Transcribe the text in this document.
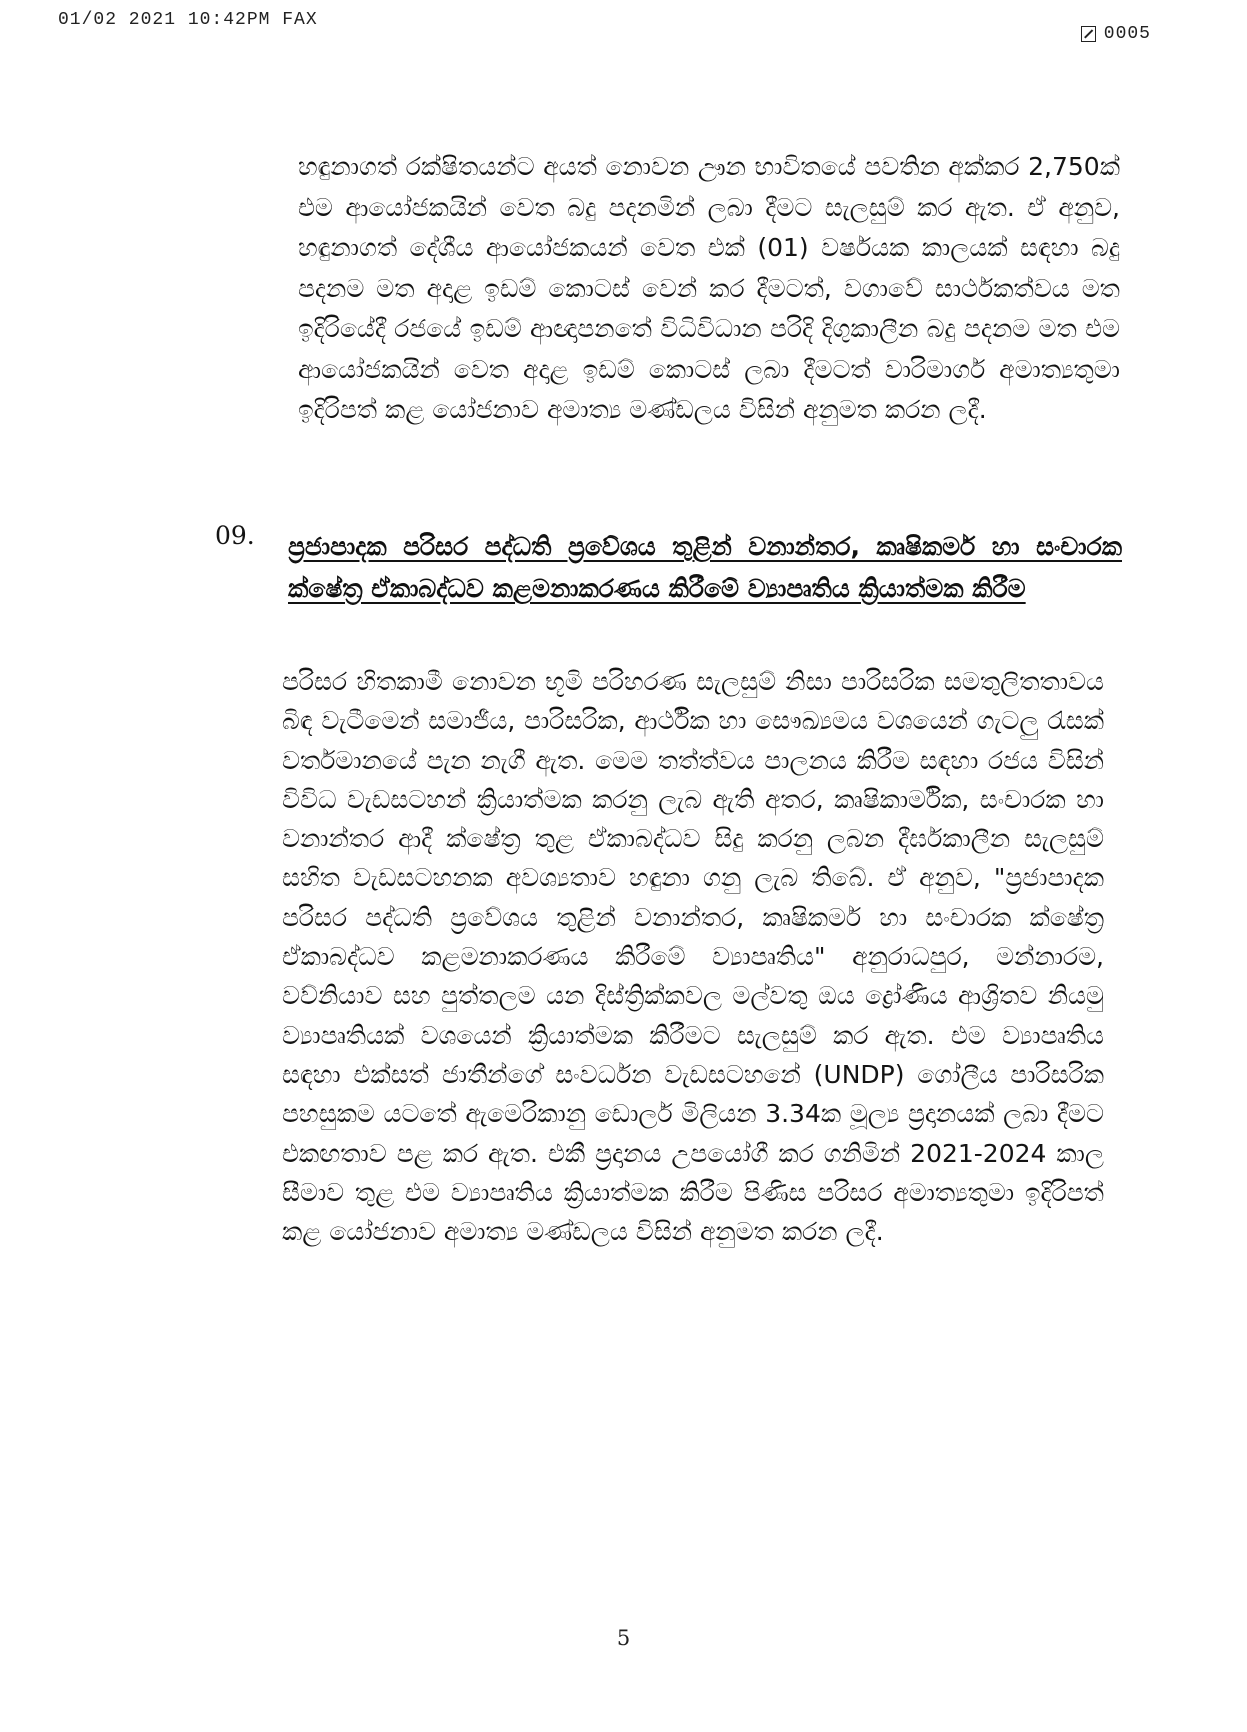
01/02 2021 10:42PM FAX
0005
හඳුනාගත් රක්ෂිතයන්ට අයත් නොවන ඌන භාවිතයේ පවතින අක්කර 2,750ක් එම ආයෝජකයින් වෙත බදු පදනමින් ලබා දීමට සැලසුම් කර ඇත. ඒ අනුව, හඳුනාගත් දේශීය ආයෝජකයන් වෙත එක් (01) වර්ෂයක කාලයක් සඳහා බදු පදනම මත අදාළ ඉඩම් කොටස් වෙන් කර දීමටත්, වගාවේ සාර්ථකත්වය මත ඉදිරියේදී රජයේ ඉඩම් ආඥාපනතේ විධිවිධාන පරිදි දිගුකාලීන බදු පදනම මත එම ආයෝජකයින් වෙත අදාළ ඉඩම් කොටස් ලබා දීමටත් වාරිමාර්ග අමාත්‍යතුමා ඉදිරිපත් කළ යෝජනාව අමාත්‍ය මණ්ඩලය විසින් අනුමත කරන ලදී.
09. ප්‍රජාපාදක පරිසර පද්ධති ප්‍රවේශය තුළින් වනාන්තර, කෘෂිකර්ම හා සංචාරක ක්ෂේත්‍ර ඒකාබද්ධව කළමනාකරණය කිරීමේ ව්‍යාපෘතිය ක්‍රියාත්මක කිරීම
පරිසර හිතකාමී නොවන භූමි පරිහරණ සැලසුම් නිසා පාරිසරික සමතුලිතතාවය බිඳ වැටීමෙන් සමාජීය, පාරිසරික, ආර්ථික හා සෞඛ්‍යමය වශයෙන් ගැටලු රැසක් වර්තමානයේ පැන නැගී ඇත. මෙම තත්ත්වය පාලනය කිරීම සඳහා රජය විසින් විවිධ වැඩසටහන් ක්‍රියාත්මක කරනු ලැබ ඇති අතර, කෘෂිකාර්මික, සංචාරක හා වනාන්තර ආදී ක්ෂේත්‍ර තුළ ඒකාබද්ධව සිදු කරනු ලබන දීර්ඝකාලීන සැලසුම් සහිත වැඩසටහනක අවශ්‍යතාව හඳුනා ගනු ලැබ තිබේ. ඒ අනුව, "ප්‍රජාපාදක පරිසර පද්ධති ප්‍රවේශය තුළින් වනාන්තර, කෘෂිකර්ම හා සංචාරක ක්ෂේත්‍ර ඒකාබද්ධව කළමනාකරණය කිරීමේ ව්‍යාපෘතිය" අනුරාධපුර, මන්නාරම, වව්නියාව සහ පුත්තලම යන දිස්ත්‍රික්කවල මල්වතු ඔය ද්‍රෝණිය ආශ්‍රිතව නියමු ව්‍යාපෘතියක් වශයෙන් ක්‍රියාත්මක කිරීමට සැලසුම් කර ඇත. එම ව්‍යාපෘතිය සඳහා එක්සත් ජාතීන්ගේ සංවර්ධන වැඩසටහනේ (UNDP) ගෝලීය පාරිසරික පහසුකම යටතේ ඇමෙරිකානු ඩොලර් මිලියන 3.34ක මූල්‍ය ප්‍රදානයක් ලබා දීමට එකඟතාව පළ කර ඇත. එකී ප්‍රදානය උපයෝගී කර ගනිමින් 2021-2024 කාල සීමාව තුළ එම ව්‍යාපෘතිය ක්‍රියාත්මක කිරීම පිණිස පරිසර අමාත්‍යතුමා ඉදිරිපත් කළ යෝජනාව අමාත්‍ය මණ්ඩලය විසින් අනුමත කරන ලදී.
5
